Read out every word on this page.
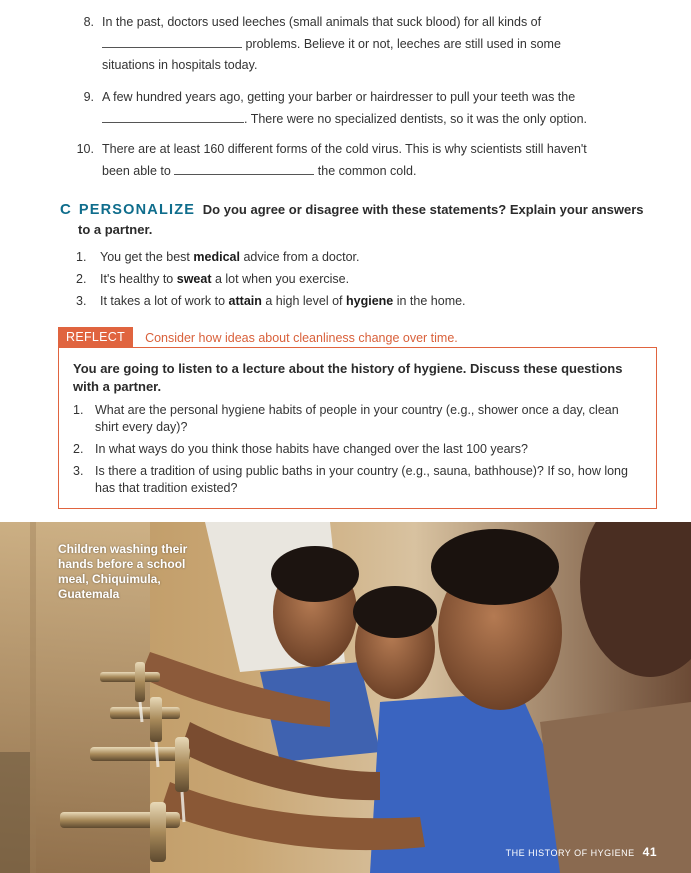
8. In the past, doctors used leeches (small animals that suck blood) for all kinds of
problems. Believe it or not, leeches are still used in some
situations in hospitals today.
9. A few hundred years ago, getting your barber or hairdresser to pull your teeth was the
. There were no specialized dentists, so it was the only option.
10. There are at least 160 different forms of the cold virus. This is why scientists still haven't
been able to	the common cold.
C PERSONALIZE Do you agree or disagree with these statements? Explain your answers
to a partner.
1. You get the best medical advice from a doctor.
2. It's healthy to sweat a lot when you exercise.
3. It takes a lot of work to attain a high level of hygiene in the home.
REFLECT	Consider how ideas about cleanliness change over time.
You are going to listen to a lecture about the history of hygiene. Discuss these questions with a partner.
1. What are the personal hygiene habits of people in your country (e.g., shower once a day, clean shirt every day)?
2. In what ways do you think those habits have changed over the last 100 years?
3. Is there a tradition of using public baths in your country (e.g., sauna, bathhouse)? If so, how long has that tradition existed?
Children washing their hands before a school meal, Chiquimula, Guatemala
THE HISTORY OF HYGIENE 41
